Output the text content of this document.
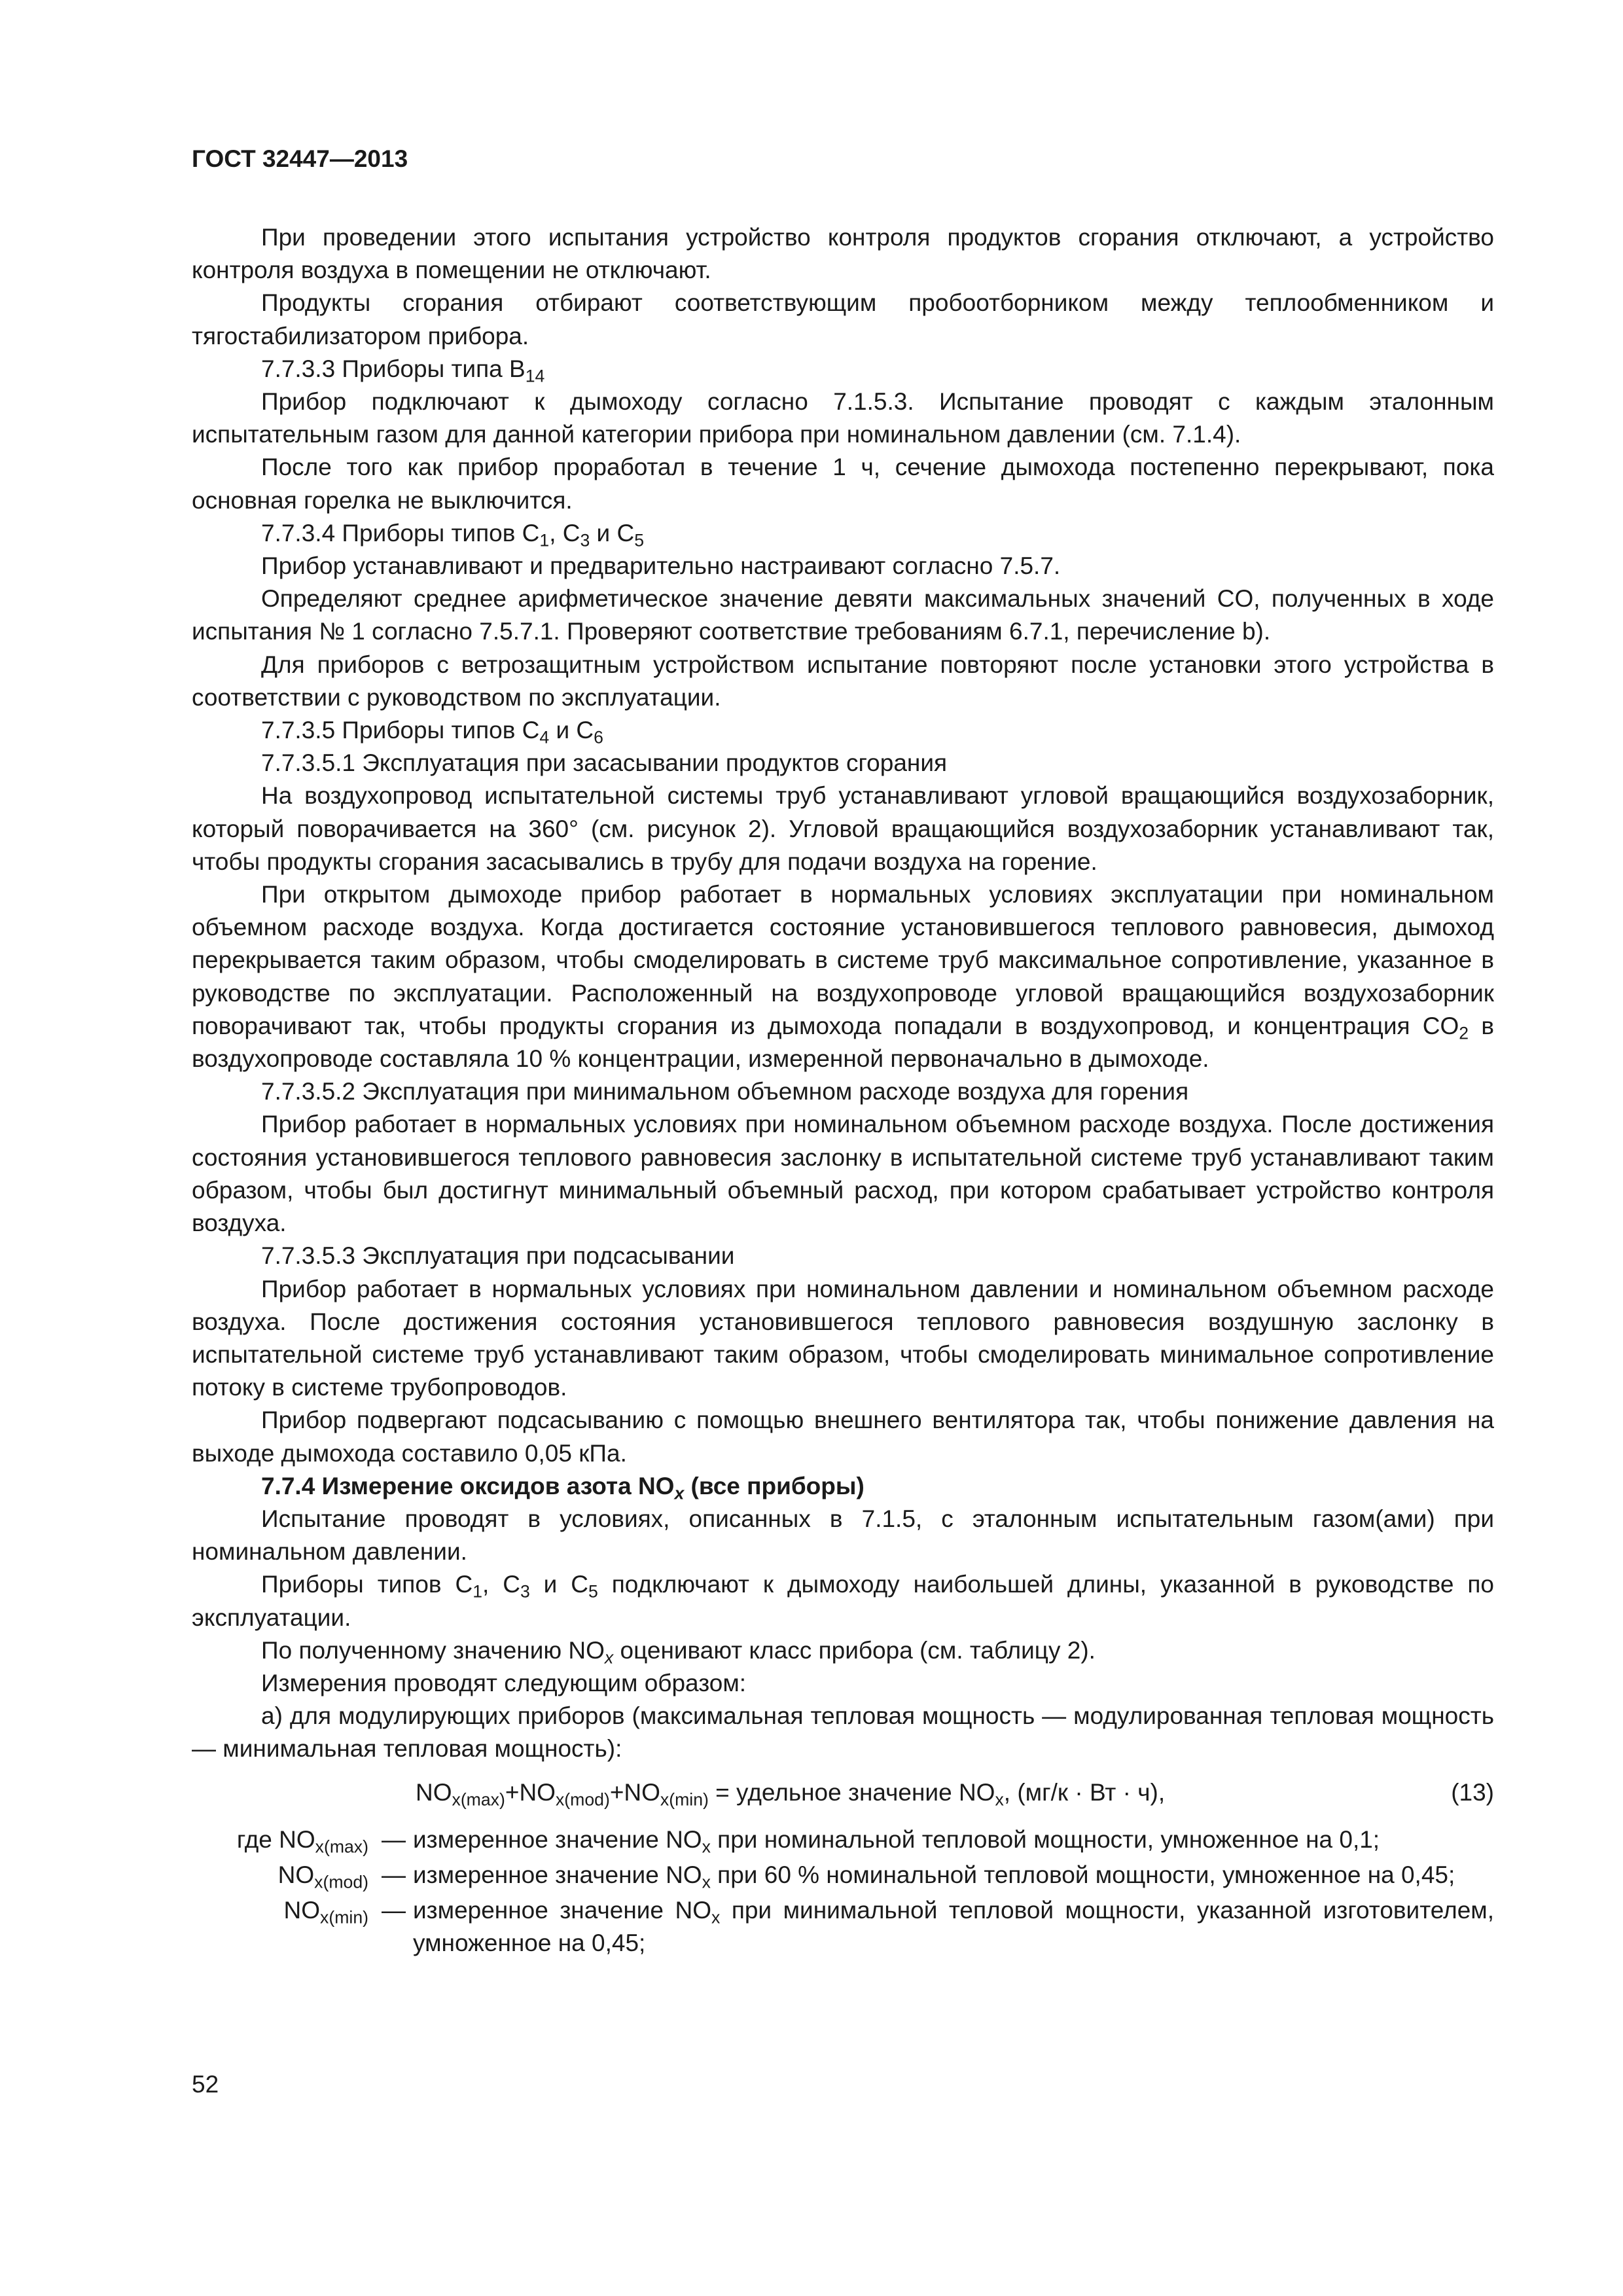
ГОСТ 32447—2013

При проведении этого испытания устройство контроля продуктов сгорания отключают, а устройство контроля воздуха в помещении не отключают.

Продукты сгорания отбирают соответствующим пробоотборником между теплообменником и тягостабилизатором прибора.

7.7.3.3 Приборы типа $B_{14}$

Прибор подключают к дымоходу согласно 7.1.5.3. Испытание проводят с каждым эталонным испытательным газом для данной категории прибора при номинальном давлении (см. 7.1.4).

После того как прибор проработал в течение 1 ч, сечение дымохода постепенно перекрывают, пока основная горелка не выключится.

7.7.3.4 Приборы типов $C_1$, $C_3$ и $C_5$

Прибор устанавливают и предварительно настраивают согласно 7.5.7.

Определяют среднее арифметическое значение девяти максимальных значений CO, полученных в ходе испытания № 1 согласно 7.5.7.1. Проверяют соответствие требованиям 6.7.1, перечисление b).

Для приборов с ветрозащитным устройством испытание повторяют после установки этого устройства в соответствии с руководством по эксплуатации.

7.7.3.5 Приборы типов $C_4$ и $C_6$

7.7.3.5.1 Эксплуатация при засасывании продуктов сгорания

На воздухопровод испытательной системы труб устанавливают угловой вращающийся воздухозаборник, который поворачивается на 360° (см. рисунок 2). Угловой вращающийся воздухозаборник устанавливают так, чтобы продукты сгорания засасывались в трубу для подачи воздуха на горение.

При открытом дымоходе прибор работает в нормальных условиях эксплуатации при номинальном объемном расходе воздуха. Когда достигается состояние установившегося теплового равновесия, дымоход перекрывается таким образом, чтобы смоделировать в системе труб максимальное сопротивление, указанное в руководстве по эксплуатации. Расположенный на воздухопроводе угловой вращающийся воздухозаборник поворачивают так, чтобы продукты сгорания из дымохода попадали в воздухопровод, и концентрация $CO_2$ в воздухопроводе составляла 10 % концентрации, измеренной первоначально в дымоходе.

7.7.3.5.2 Эксплуатация при минимальном объемном расходе воздуха для горения

Прибор работает в нормальных условиях при номинальном объемном расходе воздуха. После достижения состояния установившегося теплового равновесия заслонку в испытательной системе труб устанавливают таким образом, чтобы был достигнут минимальный объемный расход, при котором срабатывает устройство контроля воздуха.

7.7.3.5.3 Эксплуатация при подсасывании

Прибор работает в нормальных условиях при номинальном давлении и номинальном объемном расходе воздуха. После достижения состояния установившегося теплового равновесия воздушную заслонку в испытательной системе труб устанавливают таким образом, чтобы смоделировать минимальное сопротивление потоку в системе трубопроводов.

Прибор подвергают подсасыванию с помощью внешнего вентилятора так, чтобы понижение давления на выходе дымохода составило 0,05 кПа.

7.7.4 Измерение оксидов азота $NO_x$ (все приборы)

Испытание проводят в условиях, описанных в 7.1.5, с эталонным испытательным газом(ами) при номинальном давлении.

Приборы типов $C_1$, $C_3$ и $C_5$ подключают к дымоходу наибольшей длины, указанной в руководстве по эксплуатации.

По полученному значению $NO_x$ оценивают класс прибора (см. таблицу 2).

Измерения проводят следующим образом:

a) для модулирующих приборов (максимальная тепловая мощность — модулированная тепловая мощность — минимальная тепловая мощность):

$NO_{x(max)}+NO_{x(mod)}+NO_{x(min)}$ = удельное значение $NO_x$, (мг/к · Вт · ч),	(13)
где $NO_{x(max)}$ — измеренное значение $NO_x$ при номинальной тепловой мощности, умноженное на 0,1;
$NO_{x(mod)}$ — измеренное значение $NO_x$ при 60 % номинальной тепловой мощности, умноженное на 0,45;
$NO_{x(min)}$ — измеренное значение $NO_x$ при минимальной тепловой мощности, указанной изготовителем, умноженное на 0,45;
52
